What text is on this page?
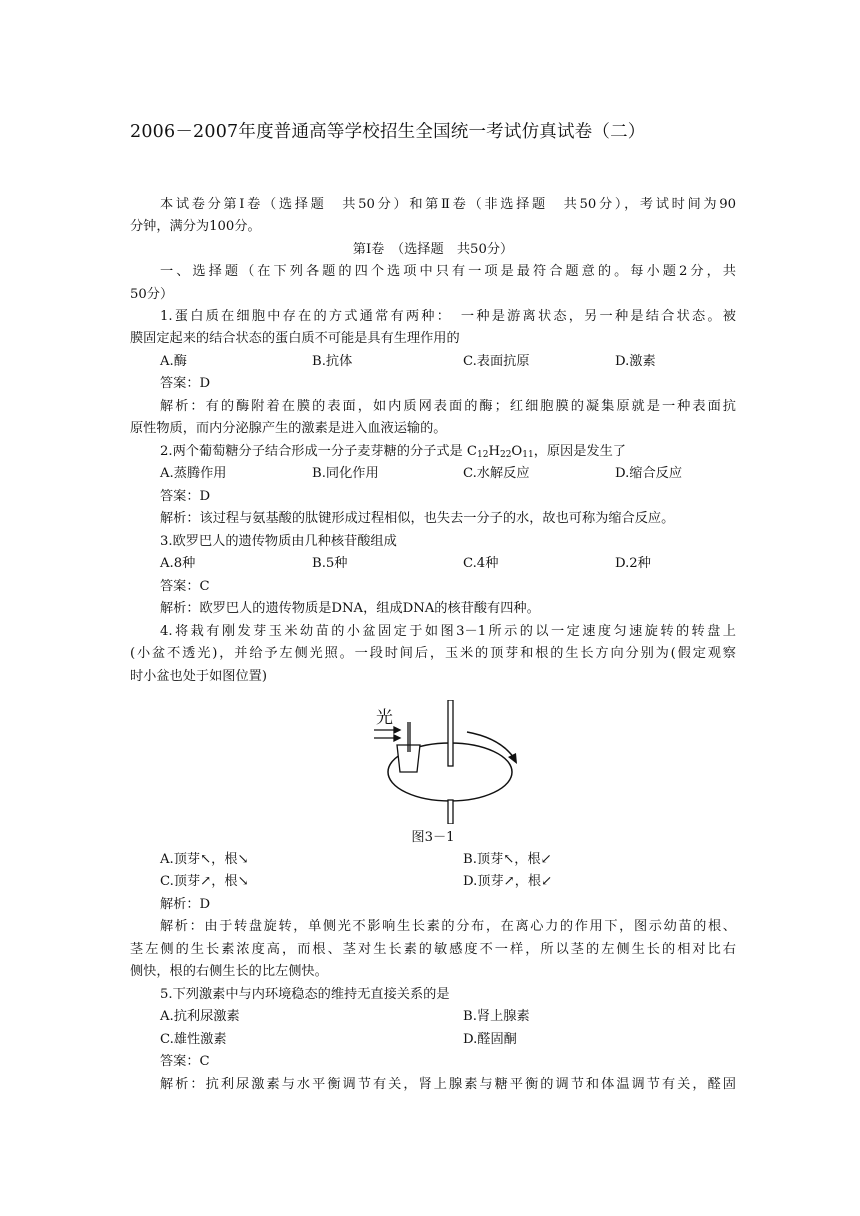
2006－2007年度普通高等学校招生全国统一考试仿真试卷（二）
本试卷分第Ⅰ卷（选择题　共50分）和第Ⅱ卷（非选择题　共50分），考试时间为90
分钟，满分为100分。
第Ⅰ卷　（选择题　共50分）
一、选择题（在下列各题的四个选项中只有一项是最符合题意的。每小题2分，共
50分）
1.蛋白质在细胞中存在的方式通常有两种：　一种是游离状态，另一种是结合状态。被
膜固定起来的结合状态的蛋白质不可能是具有生理作用的
A.酶	B.抗体	C.表面抗原	D.激素
答案：D
解析：有的酶附着在膜的表面，如内质网表面的酶；红细胞膜的凝集原就是一种表面抗
原性物质，而内分泌腺产生的激素是进入血液运输的。
2.两个葡萄糖分子结合形成一分子麦芽糖的分子式是 $C_{12}H_{22}O_{11}$，原因是发生了
A.蒸腾作用	B.同化作用	C.水解反应	D.缩合反应
答案：D
解析：该过程与氨基酸的肽键形成过程相似，也失去一分子的水，故也可称为缩合反应。
3.欧罗巴人的遗传物质由几种核苷酸组成
A.8种	B.5种	C.4种	D.2种
答案：C
解析：欧罗巴人的遗传物质是DNA，组成DNA的核苷酸有四种。
4.将栽有刚发芽玉米幼苗的小盆固定于如图3－1所示的以一定速度匀速旋转的转盘上
(小盆不透光)，并给予左侧光照。一段时间后，玉米的顶芽和根的生长方向分别为(假定观察
时小盆也处于如图位置)
光
图3－1
A.顶芽↖，根↘	B.顶芽↖，根↙
C.顶芽↗，根↘	D.顶芽↗，根↙
解析：D
解析：由于转盘旋转，单侧光不影响生长素的分布，在离心力的作用下，图示幼苗的根、
茎左侧的生长素浓度高，而根、茎对生长素的敏感度不一样，所以茎的左侧生长的相对比右
侧快，根的右侧生长的比左侧快。
5.下列激素中与内环境稳态的维持无直接关系的是
A.抗利尿激素	B.肾上腺素
C.雄性激素	D.醛固酮
答案：C
解析：抗利尿激素与水平衡调节有关，肾上腺素与糖平衡的调节和体温调节有关，醛固
